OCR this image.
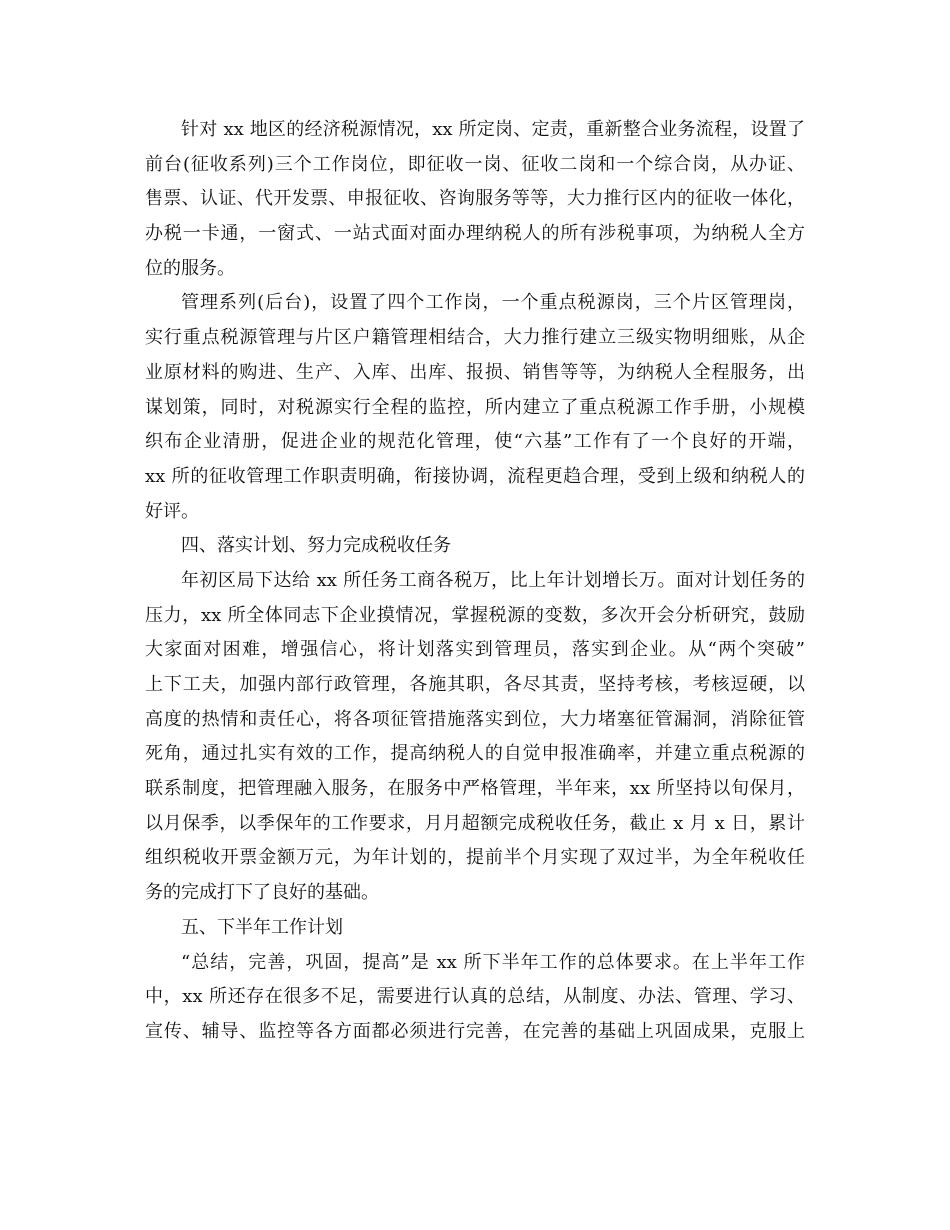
针对 xx 地区的经济税源情况，xx 所定岗、定责，重新整合业务流程，设置了
前台(征收系列)三个工作岗位，即征收一岗、征收二岗和一个综合岗，从办证、
售票、认证、代开发票、申报征收、咨询服务等等，大力推行区内的征收一体化，
办税一卡通，一窗式、一站式面对面办理纳税人的所有涉税事项，为纳税人全方
位的服务。
管理系列(后台)，设置了四个工作岗，一个重点税源岗，三个片区管理岗，
实行重点税源管理与片区户籍管理相结合，大力推行建立三级实物明细账，从企
业原材料的购进、生产、入库、出库、报损、销售等等，为纳税人全程服务，出
谋划策，同时，对税源实行全程的监控，所内建立了重点税源工作手册，小规模
织布企业清册，促进企业的规范化管理，使“六基”工作有了一个良好的开端，
xx 所的征收管理工作职责明确，衔接协调，流程更趋合理，受到上级和纳税人的
好评。
四、落实计划、努力完成税收任务
年初区局下达给 xx 所任务工商各税万，比上年计划增长万。面对计划任务的
压力，xx 所全体同志下企业摸情况，掌握税源的变数，多次开会分析研究，鼓励
大家面对困难，增强信心，将计划落实到管理员，落实到企业。从“两个突破”
上下工夫，加强内部行政管理，各施其职，各尽其责，坚持考核，考核逗硬，以
高度的热情和责任心，将各项征管措施落实到位，大力堵塞征管漏洞，消除征管
死角，通过扎实有效的工作，提高纳税人的自觉申报准确率，并建立重点税源的
联系制度，把管理融入服务，在服务中严格管理，半年来，xx 所坚持以旬保月，
以月保季，以季保年的工作要求，月月超额完成税收任务，截止 x 月 x 日，累计
组织税收开票金额万元，为年计划的，提前半个月实现了双过半，为全年税收任
务的完成打下了良好的基础。
五、下半年工作计划
“总结，完善，巩固，提高”是 xx 所下半年工作的总体要求。在上半年工作
中，xx 所还存在很多不足，需要进行认真的总结，从制度、办法、管理、学习、
宣传、辅导、监控等各方面都必须进行完善，在完善的基础上巩固成果，克服上
